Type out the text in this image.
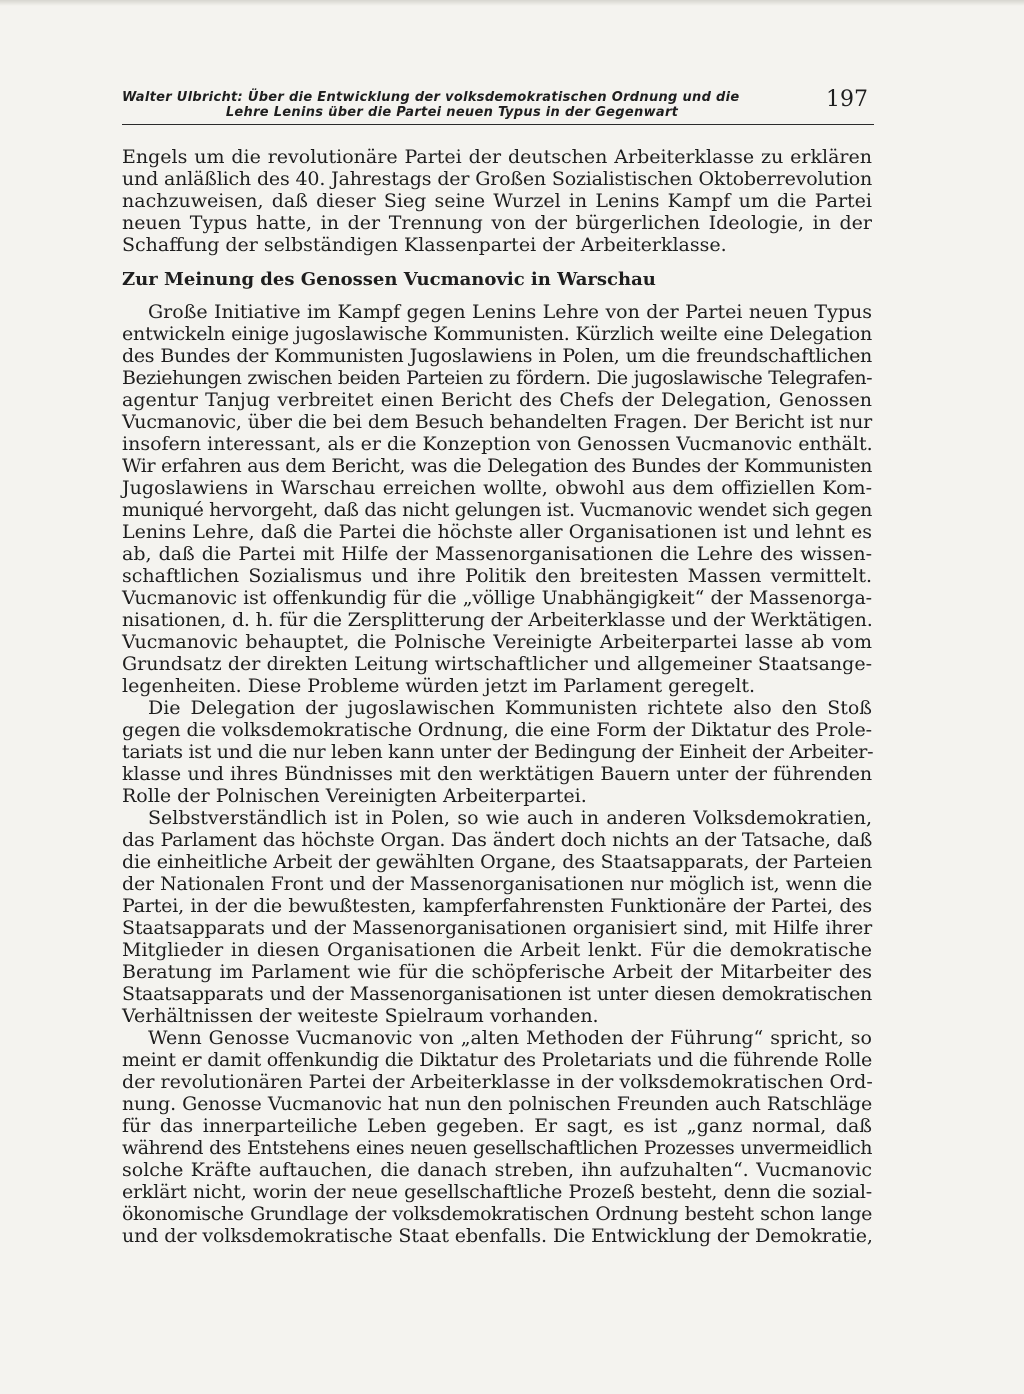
Walter Ulbricht: Über die Entwicklung der volksdemokratischen Ordnung und die
Lehre Lenins über die Partei neuen Typus in der Gegenwart
197
Engels um die revolutionäre Partei der deutschen Arbeiterklasse zu erklären
und anläßlich des 40. Jahrestags der Großen Sozialistischen Oktoberrevolution
nachzuweisen, daß dieser Sieg seine Wurzel in Lenins Kampf um die Partei
neuen Typus hatte, in der Trennung von der bürgerlichen Ideologie, in der
Schaffung der selbständigen Klassenpartei der Arbeiterklasse.
Zur Meinung des Genossen Vucmanovic in Warschau
Große Initiative im Kampf gegen Lenins Lehre von der Partei neuen Typus
entwickeln einige jugoslawische Kommunisten. Kürzlich weilte eine Delegation
des Bundes der Kommunisten Jugoslawiens in Polen, um die freundschaftlichen
Beziehungen zwischen beiden Parteien zu fördern. Die jugoslawische Telegrafen-
agentur Tanjug verbreitet einen Bericht des Chefs der Delegation, Genossen
Vucmanovic, über die bei dem Besuch behandelten Fragen. Der Bericht ist nur
insofern interessant, als er die Konzeption von Genossen Vucmanovic enthält.
Wir erfahren aus dem Bericht, was die Delegation des Bundes der Kommunisten
Jugoslawiens in Warschau erreichen wollte, obwohl aus dem offiziellen Kom-
muniqué hervorgeht, daß das nicht gelungen ist. Vucmanovic wendet sich gegen
Lenins Lehre, daß die Partei die höchste aller Organisationen ist und lehnt es
ab, daß die Partei mit Hilfe der Massenorganisationen die Lehre des wissen-
schaftlichen Sozialismus und ihre Politik den breitesten Massen vermittelt.
Vucmanovic ist offenkundig für die „völlige Unabhängigkeit“ der Massenorga-
nisationen, d. h. für die Zersplitterung der Arbeiterklasse und der Werktätigen.
Vucmanovic behauptet, die Polnische Vereinigte Arbeiterpartei lasse ab vom
Grundsatz der direkten Leitung wirtschaftlicher und allgemeiner Staatsange-
legenheiten. Diese Probleme würden jetzt im Parlament geregelt.
Die Delegation der jugoslawischen Kommunisten richtete also den Stoß
gegen die volksdemokratische Ordnung, die eine Form der Diktatur des Prole-
tariats ist und die nur leben kann unter der Bedingung der Einheit der Arbeiter-
klasse und ihres Bündnisses mit den werktätigen Bauern unter der führenden
Rolle der Polnischen Vereinigten Arbeiterpartei.
Selbstverständlich ist in Polen, so wie auch in anderen Volksdemokratien,
das Parlament das höchste Organ. Das ändert doch nichts an der Tatsache, daß
die einheitliche Arbeit der gewählten Organe, des Staatsapparats, der Parteien
der Nationalen Front und der Massenorganisationen nur möglich ist, wenn die
Partei, in der die bewußtesten, kampferfahrensten Funktionäre der Partei, des
Staatsapparats und der Massenorganisationen organisiert sind, mit Hilfe ihrer
Mitglieder in diesen Organisationen die Arbeit lenkt. Für die demokratische
Beratung im Parlament wie für die schöpferische Arbeit der Mitarbeiter des
Staatsapparats und der Massenorganisationen ist unter diesen demokratischen
Verhältnissen der weiteste Spielraum vorhanden.
Wenn Genosse Vucmanovic von „alten Methoden der Führung“ spricht, so
meint er damit offenkundig die Diktatur des Proletariats und die führende Rolle
der revolutionären Partei der Arbeiterklasse in der volksdemokratischen Ord-
nung. Genosse Vucmanovic hat nun den polnischen Freunden auch Ratschläge
für das innerparteiliche Leben gegeben. Er sagt, es ist „ganz normal, daß
während des Entstehens eines neuen gesellschaftlichen Prozesses unvermeidlich
solche Kräfte auftauchen, die danach streben, ihn aufzuhalten“. Vucmanovic
erklärt nicht, worin der neue gesellschaftliche Prozeß besteht, denn die sozial-
ökonomische Grundlage der volksdemokratischen Ordnung besteht schon lange
und der volksdemokratische Staat ebenfalls. Die Entwicklung der Demokratie,
